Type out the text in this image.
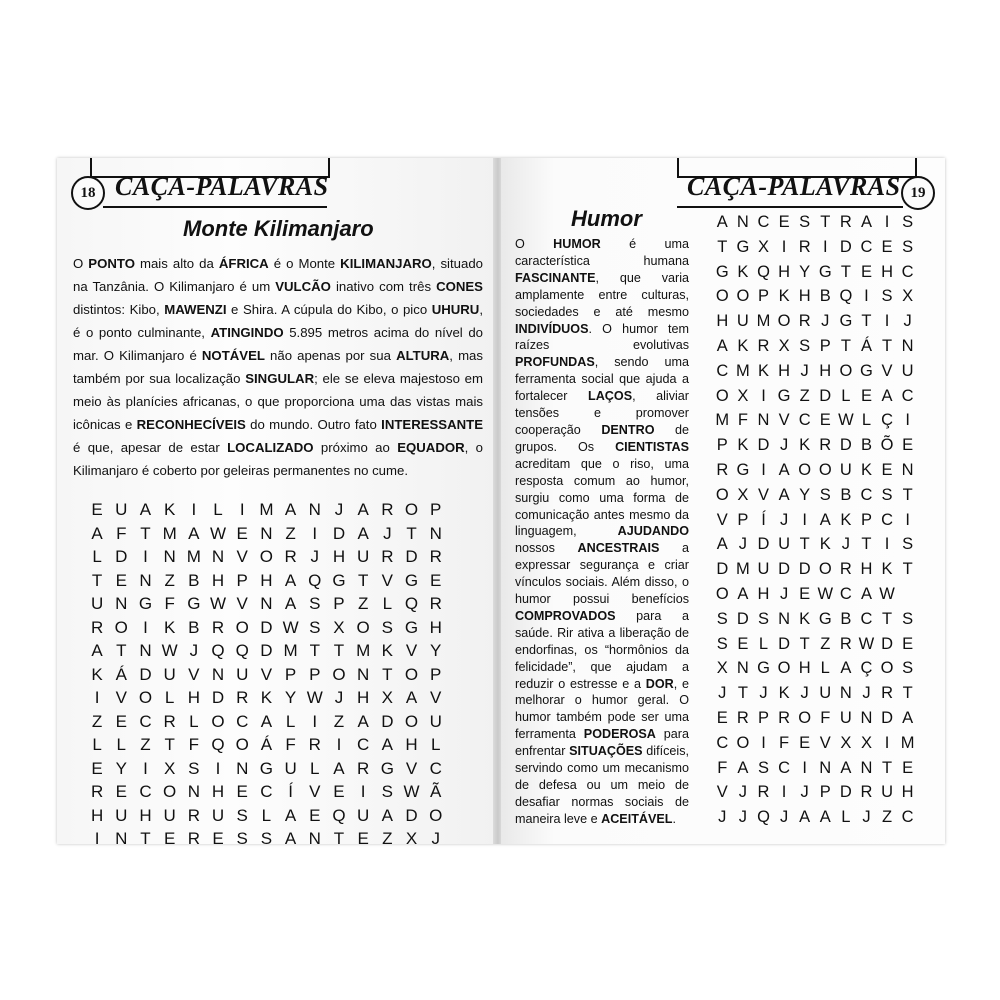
18 CAÇA-PALAVRAS
Monte Kilimanjaro
O PONTO mais alto da ÁFRICA é o Monte KILIMANJARO, situado na Tanzânia. O Kilimanjaro é um VULCÃO inativo com três CONES distintos: Kibo, MAWENZI e Shira. A cúpula do Kibo, o pico UHURU, é o ponto culminante, ATINGINDO 5.895 metros acima do nível do mar. O Kilimanjaro é NOTÁVEL não apenas por sua ALTURA, mas também por sua localização SINGULAR; ele se eleva majestoso em meio às planícies africanas, o que proporciona uma das vistas mais icônicas e RECONHECÍVEIS do mundo. Outro fato INTERESSANTE é que, apesar de estar LOCALIZADO próximo ao EQUADOR, o Kilimanjaro é coberto por geleiras permanentes no cume.
E U A K I	L	I M A N J A R O P
A F T M A W E N Z I D A J T N
L D I N M N V O R J H U R D R
T E N Z B H P H A Q G T V G E
U N G F G W V N A S P Z L Q R
R O I K B R O D W S X O S G H
A T N W J Q Q D M T T M K V Y
K Á D U V N U V P P O N T O P
I V O L H D R K Y W J H X A V
Z E C R L O C A L	I Z A D O U
L L Z T F Q O Á F R I C A H L
E Y I X S I N G U L A R G V C
R E C O N H E C Í V E I S W Ã
H U H U R U S L A E Q U A D O
I N T E R E S S A N T E Z X J
CAÇA-PALAVRAS 19
Humor
O HUMOR é uma característica humana FASCINANTE, que varia amplamente entre culturas, sociedades e até mesmo INDIVÍDUOS. O humor tem raízes evolutivas PROFUNDAS, sendo uma ferramenta social que ajuda a fortalecer LAÇOS, aliviar tensões e promover cooperação DENTRO de grupos. Os CIENTISTAS acreditam que o riso, uma resposta comum ao humor, surgiu como uma forma de comunicação antes mesmo da linguagem, AJUDANDO nossos ANCESTRAIS a expressar segurança e criar vínculos sociais. Além disso, o humor possui benefícios COMPROVADOS para a saúde. Rir ativa a liberação de endorfinas, os “hormônios da felicidade”, que ajudam a reduzir o estresse e a DOR, e melhorar o humor geral. O humor também pode ser uma ferramenta PODEROSA para enfrentar SITUAÇÕES difíceis, servindo como um mecanismo de defesa ou um meio de desafiar normas sociais de maneira leve e ACEITÁVEL.
A N C E S T R A I S
T G X I R I D C E S
G K Q H Y G T E H C
O O P K H B Q I S X
H U M O R J G T I J
A K R X S P T Á T N
C M K H J H O G V U
O X I G Z D L E A C
M F N V C E W L Ç I
P K D J K R D B Õ E
R G I A O O U K E N
O X V A Y S B C S T
V P Í J I A K P C I
A J D U T K J T I S
D M U D D O R H K T
O A H J E W C A W
S D S N K G B C T S
S E L D T Z R W D E
X N G O H L A Ç O S
J T J K J U N J R T
E R P R O F U N D A
C O I F E V X X I M
F A S C I N A N T E
V J R I J P D R U H
J J Q J A A L J Z C
